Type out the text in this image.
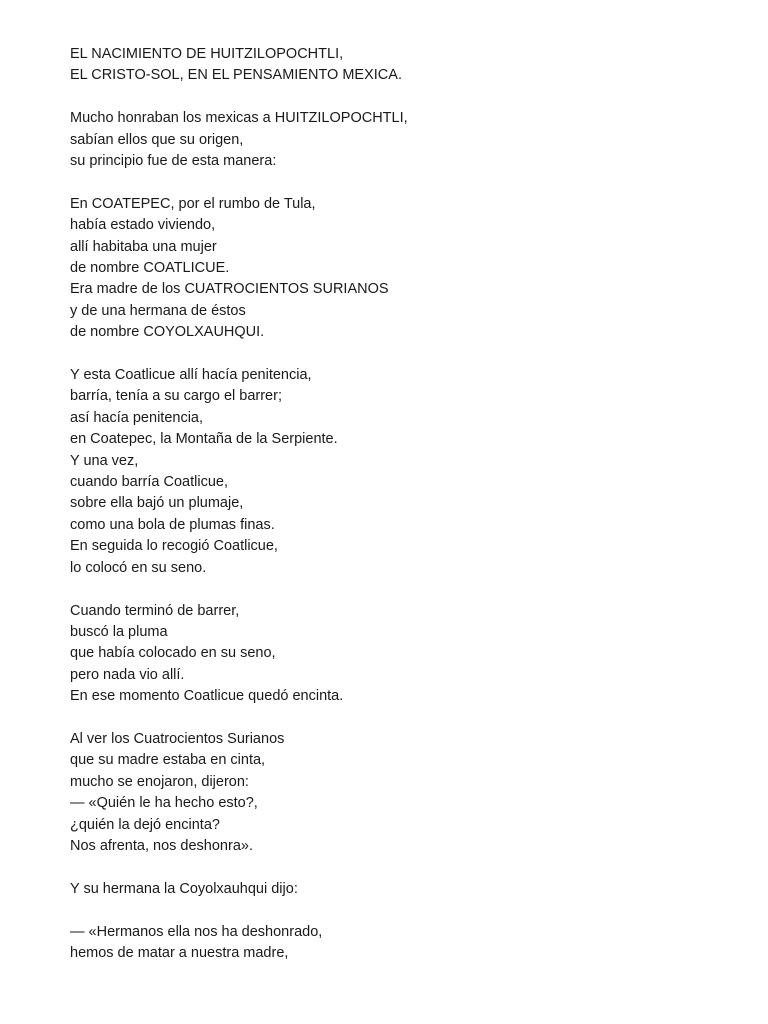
EL NACIMIENTO DE HUITZILOPOCHTLI,
EL CRISTO-SOL, EN EL PENSAMIENTO MEXICA.
Mucho honraban los mexicas a HUITZILOPOCHTLI,
sabían ellos que su origen,
su principio fue de esta manera:
En COATEPEC, por el rumbo de Tula,
había estado viviendo,
allí habitaba una mujer
de nombre COATLICUE.
Era madre de los CUATROCIENTOS SURIANOS
y de una hermana de éstos
de nombre COYOLXAUHQUI.
Y esta Coatlicue allí hacía penitencia,
barría, tenía a su cargo el barrer;
así hacía penitencia,
en Coatepec, la Montaña de la Serpiente.
Y una vez,
cuando barría Coatlicue,
sobre ella bajó un plumaje,
como una bola de plumas finas.
En seguida lo recogió Coatlicue,
lo colocó en su seno.
Cuando terminó de barrer,
buscó la pluma
que había colocado en su seno,
pero nada vio allí.
En ese momento Coatlicue quedó encinta.
Al ver los Cuatrocientos Surianos
que su madre estaba en cinta,
mucho se enojaron, dijeron:
— «Quién le ha hecho esto?,
¿quién la dejó encinta?
Nos afrenta, nos deshonra».
Y su hermana la Coyolxauhqui dijo:
— «Hermanos ella nos ha deshonrado,
hemos de matar a nuestra madre,
